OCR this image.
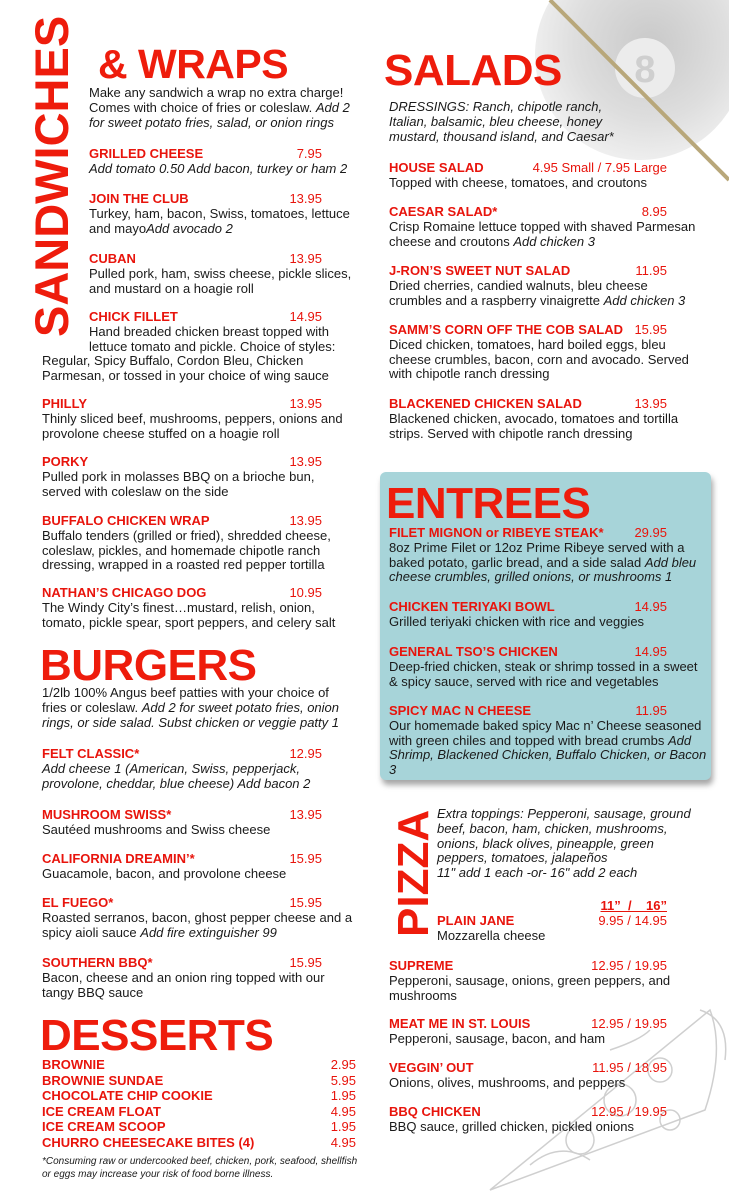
8
SANDWICHES & WRAPS
Make any sandwich a wrap no extra charge! Comes with choice of fries or coleslaw. Add 2 for sweet potato fries, salad, or onion rings
GRILLED CHEESE	7.95
Add tomato 0.50 Add bacon, turkey or ham 2
JOIN THE CLUB	13.95
Turkey, ham, bacon, Swiss, tomatoes, lettuce and mayoAdd avocado 2
CUBAN	13.95
Pulled pork, ham, swiss cheese, pickle slices, and mustard on a hoagie roll
CHICK FILLET	14.95
Hand breaded chicken breast topped with lettuce tomato and pickle. Choice of styles:
Regular, Spicy Buffalo, Cordon Bleu, Chicken Parmesan, or tossed in your choice of wing sauce
PHILLY	13.95
Thinly sliced beef, mushrooms, peppers, onions and provolone cheese stuffed on a hoagie roll
PORKY	13.95
Pulled pork in molasses BBQ on a brioche bun, served with coleslaw on the side
BUFFALO CHICKEN WRAP	13.95
Buffalo tenders (grilled or fried), shredded cheese, coleslaw, pickles, and homemade chipotle ranch dressing, wrapped in a roasted red pepper tortilla
NATHAN’S CHICAGO DOG	10.95
The Windy City’s finest…mustard, relish, onion, tomato, pickle spear, sport peppers, and celery salt
BURGERS
1/2lb 100% Angus beef patties with your choice of fries or coleslaw. Add 2 for sweet potato fries, onion rings, or side salad. Subst chicken or veggie patty 1
FELT CLASSIC*	12.95
Add cheese 1 (American, Swiss, pepperjack, provolone, cheddar, blue cheese) Add bacon 2
MUSHROOM SWISS*	13.95
Sautéed mushrooms and Swiss cheese
CALIFORNIA DREAMIN’*	15.95
Guacamole, bacon, and provolone cheese
EL FUEGO*	15.95
Roasted serranos, bacon, ghost pepper cheese and a spicy aioli sauce Add fire extinguisher 99
SOUTHERN BBQ*	15.95
Bacon, cheese and an onion ring topped with our tangy BBQ sauce
DESSERTS
BROWNIE	2.95
BROWNIE SUNDAE	5.95
CHOCOLATE CHIP COOKIE	1.95
ICE CREAM FLOAT	4.95
ICE CREAM SCOOP	1.95
CHURRO CHEESECAKE BITES (4)	4.95
*Consuming raw or undercooked beef, chicken, pork, seafood, shellfish or eggs may increase your risk of food borne illness.
SALADS
DRESSINGS: Ranch, chipotle ranch, Italian, balsamic, bleu cheese, honey mustard, thousand island, and Caesar*
HOUSE SALAD	4.95 Small / 7.95 Large
Topped with cheese, tomatoes, and croutons
CAESAR SALAD*	8.95
Crisp Romaine lettuce topped with shaved Parmesan cheese and croutons Add chicken 3
J-RON’S SWEET NUT SALAD	11.95
Dried cherries, candied walnuts, bleu cheese crumbles and a raspberry vinaigrette Add chicken 3
SAMM’S CORN OFF THE COB SALAD 15.95
Diced chicken, tomatoes, hard boiled eggs, bleu cheese crumbles, bacon, corn and avocado. Served with chipotle ranch dressing
BLACKENED CHICKEN SALAD	13.95
Blackened chicken, avocado, tomatoes and tortilla strips. Served with chipotle ranch dressing
ENTREES
FILET MIGNON or RIBEYE STEAK*	29.95
8oz Prime Filet or 12oz Prime Ribeye served with a baked potato, garlic bread, and a side salad Add bleu cheese crumbles, grilled onions, or mushrooms 1
CHICKEN TERIYAKI BOWL	14.95
Grilled teriyaki chicken with rice and veggies
GENERAL TSO’S CHICKEN	14.95
Deep-fried chicken, steak or shrimp tossed in a sweet & spicy sauce, served with rice and vegetables
SPICY MAC N CHEESE	11.95
Our homemade baked spicy Mac n’ Cheese seasoned with green chiles and topped with bread crumbs Add Shrimp, Blackened Chicken, Buffalo Chicken, or Bacon 3
PIZZA Extra toppings: Pepperoni, sausage, ground beef, bacon, ham, chicken, mushrooms, onions, black olives, pineapple, green peppers, tomatoes, jalapeños
11" add 1 each -or- 16" add 2 each
11”  /    16”
PLAIN JANE	9.95 / 14.95
Mozzarella cheese
SUPREME	12.95 / 19.95
Pepperoni, sausage, onions, green peppers, and mushrooms
MEAT ME IN ST. LOUIS	12.95 / 19.95
Pepperoni, sausage, bacon, and ham
VEGGIN’ OUT	11.95 / 18.95
Onions, olives, mushrooms, and peppers
BBQ CHICKEN	12.95 / 19.95
BBQ sauce, grilled chicken, pickled onions
